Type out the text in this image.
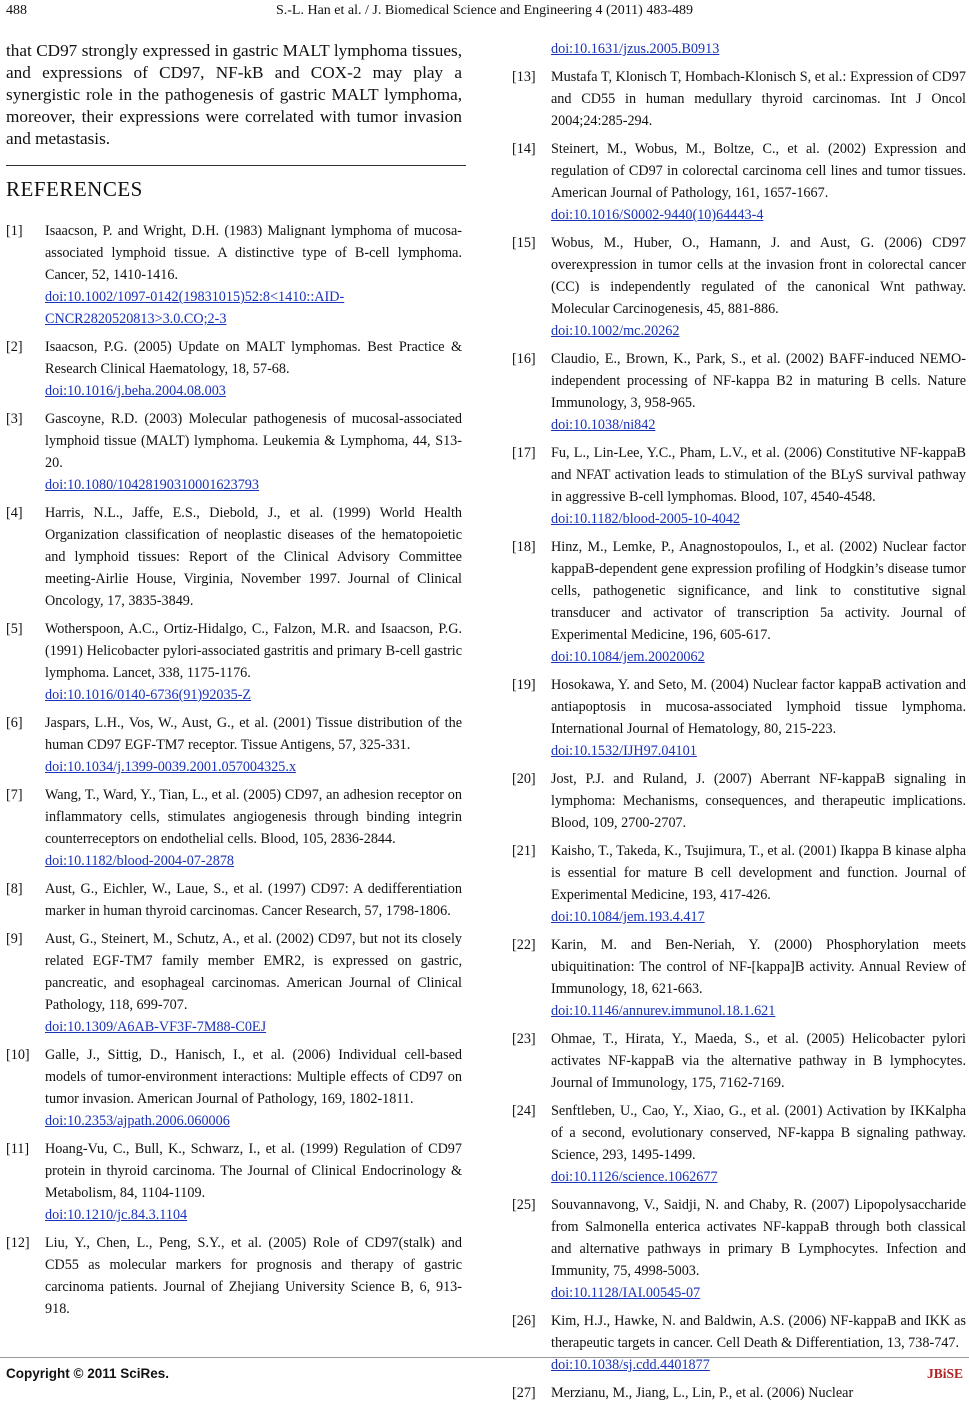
488	S.-L. Han et al. / J. Biomedical Science and Engineering 4 (2011) 483-489

that CD97 strongly expressed in gastric MALT lymphoma tissues, and expressions of CD97, NF-kB and COX-2 may play a synergistic role in the pathogenesis of gastric MALT lymphoma, moreover, their expressions were correlated with tumor invasion and metastasis.

REFERENCES
[1] Isaacson, P. and Wright, D.H. (1983) Malignant lymphoma of mucosa-associated lymphoid tissue. A distinctive type of B-cell lymphoma. Cancer, 52, 1410-1416.
doi:10.1002/1097-0142(19831015)52:8<1410::AID-CNCR2820520813>3.0.CO;2-3
[2] Isaacson, P.G. (2005) Update on MALT lymphomas. Best Practice & Research Clinical Haematology, 18, 57-68.
doi:10.1016/j.beha.2004.08.003
[3] Gascoyne, R.D. (2003) Molecular pathogenesis of mucosal-associated lymphoid tissue (MALT) lymphoma. Leukemia & Lymphoma, 44, S13-20.
doi:10.1080/10428190310001623793
[4] Harris, N.L., Jaffe, E.S., Diebold, J., et al. (1999) World Health Organization classification of neoplastic diseases of the hematopoietic and lymphoid tissues: Report of the Clinical Advisory Committee meeting-Airlie House, Virginia, November 1997. Journal of Clinical Oncology, 17, 3835-3849.
[5] Wotherspoon, A.C., Ortiz-Hidalgo, C., Falzon, M.R. and Isaacson, P.G. (1991) Helicobacter pylori-associated gastritis and primary B-cell gastric lymphoma. Lancet, 338, 1175-1176.
doi:10.1016/0140-6736(91)92035-Z
[6] Jaspars, L.H., Vos, W., Aust, G., et al. (2001) Tissue distribution of the human CD97 EGF-TM7 receptor. Tissue Antigens, 57, 325-331.
doi:10.1034/j.1399-0039.2001.057004325.x
[7] Wang, T., Ward, Y., Tian, L., et al. (2005) CD97, an adhesion receptor on inflammatory cells, stimulates angiogenesis through binding integrin counterreceptors on endothelial cells. Blood, 105, 2836-2844.
doi:10.1182/blood-2004-07-2878
[8] Aust, G., Eichler, W., Laue, S., et al. (1997) CD97: A dedifferentiation marker in human thyroid carcinomas. Cancer Research, 57, 1798-1806.
[9] Aust, G., Steinert, M., Schutz, A., et al. (2002) CD97, but not its closely related EGF-TM7 family member EMR2, is expressed on gastric, pancreatic, and esophageal carcinomas. American Journal of Clinical Pathology, 118, 699-707.
doi:10.1309/A6AB-VF3F-7M88-C0EJ
[10] Galle, J., Sittig, D., Hanisch, I., et al. (2006) Individual cell-based models of tumor-environment interactions: Multiple effects of CD97 on tumor invasion. American Journal of Pathology, 169, 1802-1811.
doi:10.2353/ajpath.2006.060006
[11] Hoang-Vu, C., Bull, K., Schwarz, I., et al. (1999) Regulation of CD97 protein in thyroid carcinoma. The Journal of Clinical Endocrinology & Metabolism, 84, 1104-1109.
doi:10.1210/jc.84.3.1104
[12] Liu, Y., Chen, L., Peng, S.Y., et al. (2005) Role of CD97(stalk) and CD55 as molecular markers for prognosis and therapy of gastric carcinoma patients. Journal of Zhejiang University Science B, 6, 913-918.
doi:10.1631/jzus.2005.B0913
[13] Mustafa T, Klonisch T, Hombach-Klonisch S, et al.: Expression of CD97 and CD55 in human medullary thyroid carcinomas. Int J Oncol 2004;24:285-294.
[14] Steinert, M., Wobus, M., Boltze, C., et al. (2002) Expression and regulation of CD97 in colorectal carcinoma cell lines and tumor tissues. American Journal of Pathology, 161, 1657-1667.
doi:10.1016/S0002-9440(10)64443-4
[15] Wobus, M., Huber, O., Hamann, J. and Aust, G. (2006) CD97 overexpression in tumor cells at the invasion front in colorectal cancer (CC) is independently regulated of the canonical Wnt pathway. Molecular Carcinogenesis, 45, 881-886.
doi:10.1002/mc.20262
[16] Claudio, E., Brown, K., Park, S., et al. (2002) BAFF-induced NEMO-independent processing of NF-kappa B2 in maturing B cells. Nature Immunology, 3, 958-965.
doi:10.1038/ni842
[17] Fu, L., Lin-Lee, Y.C., Pham, L.V., et al. (2006) Constitutive NF-kappaB and NFAT activation leads to stimulation of the BLyS survival pathway in aggressive B-cell lymphomas. Blood, 107, 4540-4548.
doi:10.1182/blood-2005-10-4042
[18] Hinz, M., Lemke, P., Anagnostopoulos, I., et al. (2002) Nuclear factor kappaB-dependent gene expression profiling of Hodgkin’s disease tumor cells, pathogenetic significance, and link to constitutive signal transducer and activator of transcription 5a activity. Journal of Experimental Medicine, 196, 605-617.
doi:10.1084/jem.20020062
[19] Hosokawa, Y. and Seto, M. (2004) Nuclear factor kappaB activation and antiapoptosis in mucosa-associated lymphoid tissue lymphoma. International Journal of Hematology, 80, 215-223.
doi:10.1532/IJH97.04101
[20] Jost, P.J. and Ruland, J. (2007) Aberrant NF-kappaB signaling in lymphoma: Mechanisms, consequences, and therapeutic implications. Blood, 109, 2700-2707.
[21] Kaisho, T., Takeda, K., Tsujimura, T., et al. (2001) Ikappa B kinase alpha is essential for mature B cell development and function. Journal of Experimental Medicine, 193, 417-426.
doi:10.1084/jem.193.4.417
[22] Karin, M. and Ben-Neriah, Y. (2000) Phosphorylation meets ubiquitination: The control of NF-[kappa]B activity. Annual Review of Immunology, 18, 621-663.
doi:10.1146/annurev.immunol.18.1.621
[23] Ohmae, T., Hirata, Y., Maeda, S., et al. (2005) Helicobacter pylori activates NF-kappaB via the alternative pathway in B lymphocytes. Journal of Immunology, 175, 7162-7169.
[24] Senftleben, U., Cao, Y., Xiao, G., et al. (2001) Activation by IKKalpha of a second, evolutionary conserved, NF-kappa B signaling pathway. Science, 293, 1495-1499.
doi:10.1126/science.1062677
[25] Souvannavong, V., Saidji, N. and Chaby, R. (2007) Lipopolysaccharide from Salmonella enterica activates NF-kappaB through both classical and alternative pathways in primary B Lymphocytes. Infection and Immunity, 75, 4998-5003.
doi:10.1128/IAI.00545-07
[26] Kim, H.J., Hawke, N. and Baldwin, A.S. (2006) NF-kappaB and IKK as therapeutic targets in cancer. Cell Death & Differentiation, 13, 738-747.
doi:10.1038/sj.cdd.4401877
[27] Merzianu, M., Jiang, L., Lin, P., et al. (2006) Nuclear
Copyright © 2011 SciRes.	JBiSE
